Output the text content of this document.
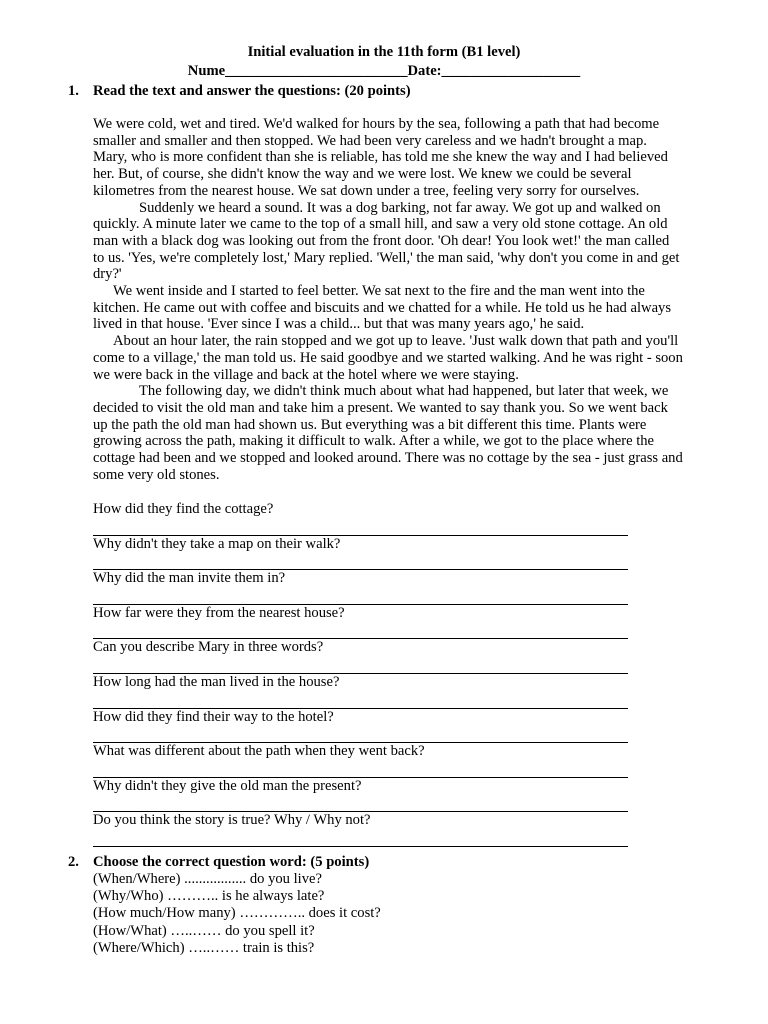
Initial evaluation in the 11th form (B1 level)
Nume_________________________Date:___________________
1. Read the text and answer the questions: (20 points)

We were cold, wet and tired. We'd walked for hours by the sea, following a path that had become

smaller and smaller and then stopped. We had been very careless and we hadn't brought a map.

Mary, who is more confident than she is reliable, has told me she knew the way and I had believed

her. But, of course, she didn't know the way and we were lost. We knew we could be several

kilometres from the nearest house. We sat down under a tree, feeling very sorry for ourselves.

Suddenly we heard a sound. It was a dog barking, not far away. We got up and walked on

quickly. A minute later we came to the top of a small hill, and saw a very old stone cottage. An old

man with a black dog was looking out from the front door. 'Oh dear! You look wet!' the man called

to us. 'Yes, we're completely lost,' Mary replied. 'Well,' the man said, 'why don't you come in and get

dry?'

We went inside and I started to feel better. We sat next to the fire and the man went into the

kitchen. He came out with coffee and biscuits and we chatted for a while. He told us he had always

lived in that house. 'Ever since I was a child... but that was many years ago,' he said.

About an hour later, the rain stopped and we got up to leave. 'Just walk down that path and you'll

come to a village,' the man told us. He said goodbye and we started walking. And he was right - soon

we were back in the village and back at the hotel where we were staying.

The following day, we didn't think much about what had happened, but later that week, we

decided to visit the old man and take him a present. We wanted to say thank you. So we went back

up the path the old man had shown us. But everything was a bit different this time. Plants were

growing across the path, making it difficult to walk. After a while, we got to the place where the

cottage had been and we stopped and looked around. There was no cottage by the sea - just grass and

some very old stones.

How did they find the cottage?
Why didn't they take a map on their walk?
Why did the man invite them in?
How far were they from the nearest house?
Can you describe Mary in three words?
How long had the man lived in the house?
How did they find their way to the hotel?
What was different about the path when they went back?
Why didn't they give the old man the present?
Do you think the story is true? Why / Why not?
2. Choose the correct question word: (5 points)
(When/Where) ................. do you live?
(Why/Who) ……….. is he always late?
(How much/How many) ………….. does it cost?
(How/What) …..…… do you spell it?
(Where/Which) …..…… train is this?
